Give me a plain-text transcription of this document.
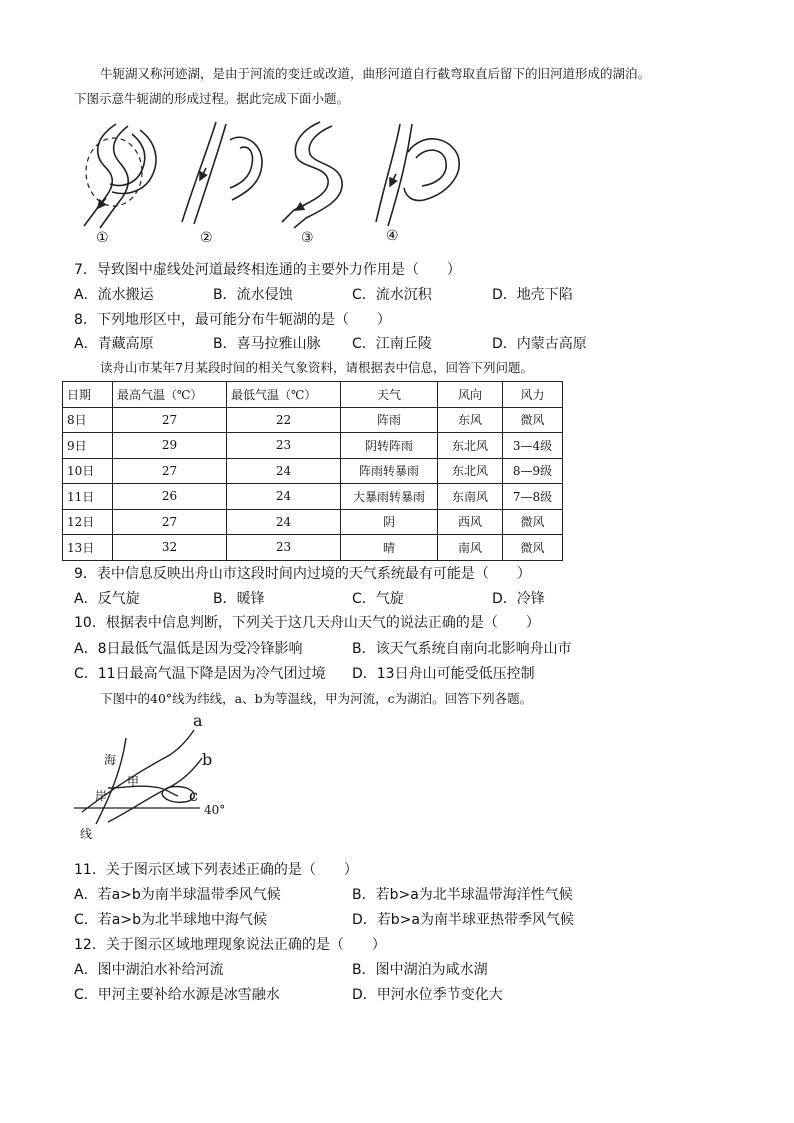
牛轭湖又称河迹湖，是由于河流的变迁或改道，曲形河道自行截弯取直后留下的旧河道形成的湖泊。
下图示意牛轭湖的形成过程。据此完成下面小题。
①	②	③	④
7．导致图中虚线处河道最终相连通的主要外力作用是（　　）
A．流水搬运	B．流水侵蚀	C．流水沉积	D．地壳下陷
8．下列地形区中，最可能分布牛轭湖的是（　　）
A．青藏高原	B．喜马拉雅山脉 C．江南丘陵	D．内蒙古高原
读舟山市某年7月某段时间的相关气象资料，请根据表中信息，回答下列问题。
日期	最高气温（℃）	最低气温（℃）	天气	风向	风力
8日	27	22	阵雨	东风	微风
9日	29	23	阴转阵雨	东北风	3—4级
10日	27	24	阵雨转暴雨	东北风	8—9级
11日	26	24	大暴雨转暴雨	东南风	7—8级
12日	27	24	阴	西风	微风
13日	32	23	晴	南风	微风
9．表中信息反映出舟山市这段时间内过境的天气系统最有可能是（　　）
A．反气旋	B．暖锋	C．气旋	D．冷锋
10．根据表中信息判断，下列关于这几天舟山天气的说法正确的是（　　）
A．8日最低气温低是因为受冷锋影响	B．该天气系统自南向北影响舟山市
C．11日最高气温下降是因为冷气团过境 D．13日舟山可能受低压控制
下图中的40°线为纬线，a、b为等温线，甲为河流，c为湖泊。回答下列各题。
a
b
c
甲
40°
海
岸
线
11．关于图示区域下列表述正确的是（　　）
A．若a>b为南半球温带季风气候	B．若b>a为北半球温带海洋性气候
C．若a>b为北半球地中海气候	D．若b>a为南半球亚热带季风气候
12．关于图示区域地理现象说法正确的是（　　）
A．图中湖泊水补给河流	B．图中湖泊为咸水湖
C．甲河主要补给水源是冰雪融水	D．甲河水位季节变化大
